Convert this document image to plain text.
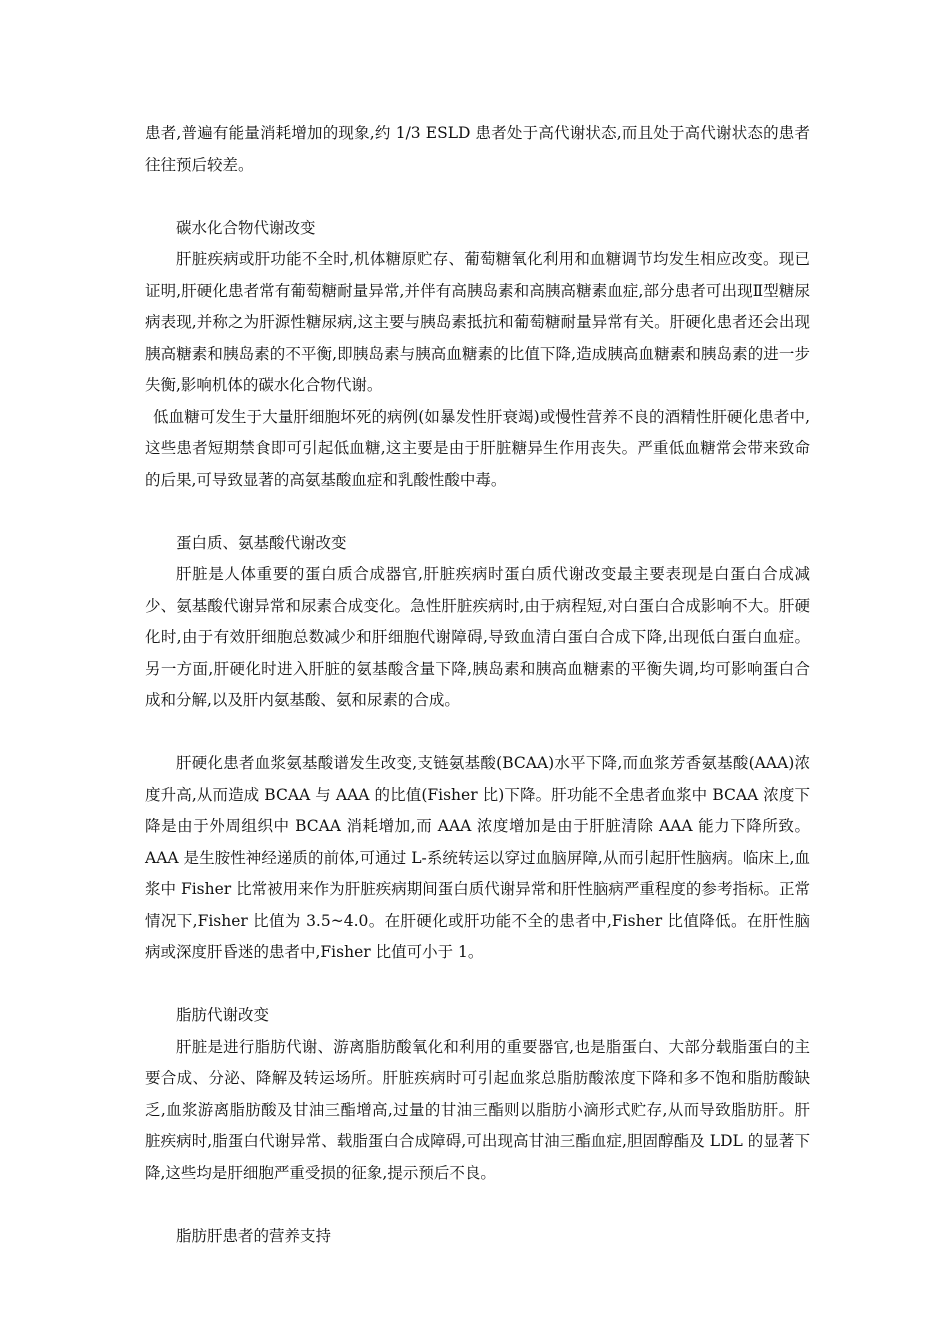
患者,普遍有能量消耗增加的现象,约 1/3 ESLD 患者处于高代谢状态,而且处于高代谢状态的患者往往预后较差。

碳水化合物代谢改变

肝脏疾病或肝功能不全时,机体糖原贮存、葡萄糖氧化利用和血糖调节均发生相应改变。现已证明,肝硬化患者常有葡萄糖耐量异常,并伴有高胰岛素和高胰高糖素血症,部分患者可出现Ⅱ型糖尿病表现,并称之为肝源性糖尿病,这主要与胰岛素抵抗和葡萄糖耐量异常有关。肝硬化患者还会出现胰高糖素和胰岛素的不平衡,即胰岛素与胰高血糖素的比值下降,造成胰高血糖素和胰岛素的进一步失衡,影响机体的碳水化合物代谢。

低血糖可发生于大量肝细胞坏死的病例(如暴发性肝衰竭)或慢性营养不良的酒精性肝硬化患者中,这些患者短期禁食即可引起低血糖,这主要是由于肝脏糖异生作用丧失。严重低血糖常会带来致命的后果,可导致显著的高氨基酸血症和乳酸性酸中毒。

蛋白质、氨基酸代谢改变

肝脏是人体重要的蛋白质合成器官,肝脏疾病时蛋白质代谢改变最主要表现是白蛋白合成减少、氨基酸代谢异常和尿素合成变化。急性肝脏疾病时,由于病程短,对白蛋白合成影响不大。肝硬化时,由于有效肝细胞总数减少和肝细胞代谢障碍,导致血清白蛋白合成下降,出现低白蛋白血症。另一方面,肝硬化时进入肝脏的氨基酸含量下降,胰岛素和胰高血糖素的平衡失调,均可影响蛋白合成和分解,以及肝内氨基酸、氨和尿素的合成。

肝硬化患者血浆氨基酸谱发生改变,支链氨基酸(BCAA)水平下降,而血浆芳香氨基酸(AAA)浓度升高,从而造成 BCAA 与 AAA 的比值(Fisher 比)下降。肝功能不全患者血浆中 BCAA 浓度下降是由于外周组织中 BCAA 消耗增加,而 AAA 浓度增加是由于肝脏清除 AAA 能力下降所致。AAA 是生胺性神经递质的前体,可通过 L-系统转运以穿过血脑屏障,从而引起肝性脑病。临床上,血浆中 Fisher 比常被用来作为肝脏疾病期间蛋白质代谢异常和肝性脑病严重程度的参考指标。正常情况下,Fisher 比值为 3.5~4.0。在肝硬化或肝功能不全的患者中,Fisher 比值降低。在肝性脑病或深度肝昏迷的患者中,Fisher 比值可小于 1。

脂肪代谢改变

肝脏是进行脂肪代谢、游离脂肪酸氧化和利用的重要器官,也是脂蛋白、大部分载脂蛋白的主要合成、分泌、降解及转运场所。肝脏疾病时可引起血浆总脂肪酸浓度下降和多不饱和脂肪酸缺乏,血浆游离脂肪酸及甘油三酯增高,过量的甘油三酯则以脂肪小滴形式贮存,从而导致脂肪肝。肝脏疾病时,脂蛋白代谢异常、载脂蛋白合成障碍,可出现高甘油三酯血症,胆固醇酯及 LDL 的显著下降,这些均是肝细胞严重受损的征象,提示预后不良。

脂肪肝患者的营养支持
